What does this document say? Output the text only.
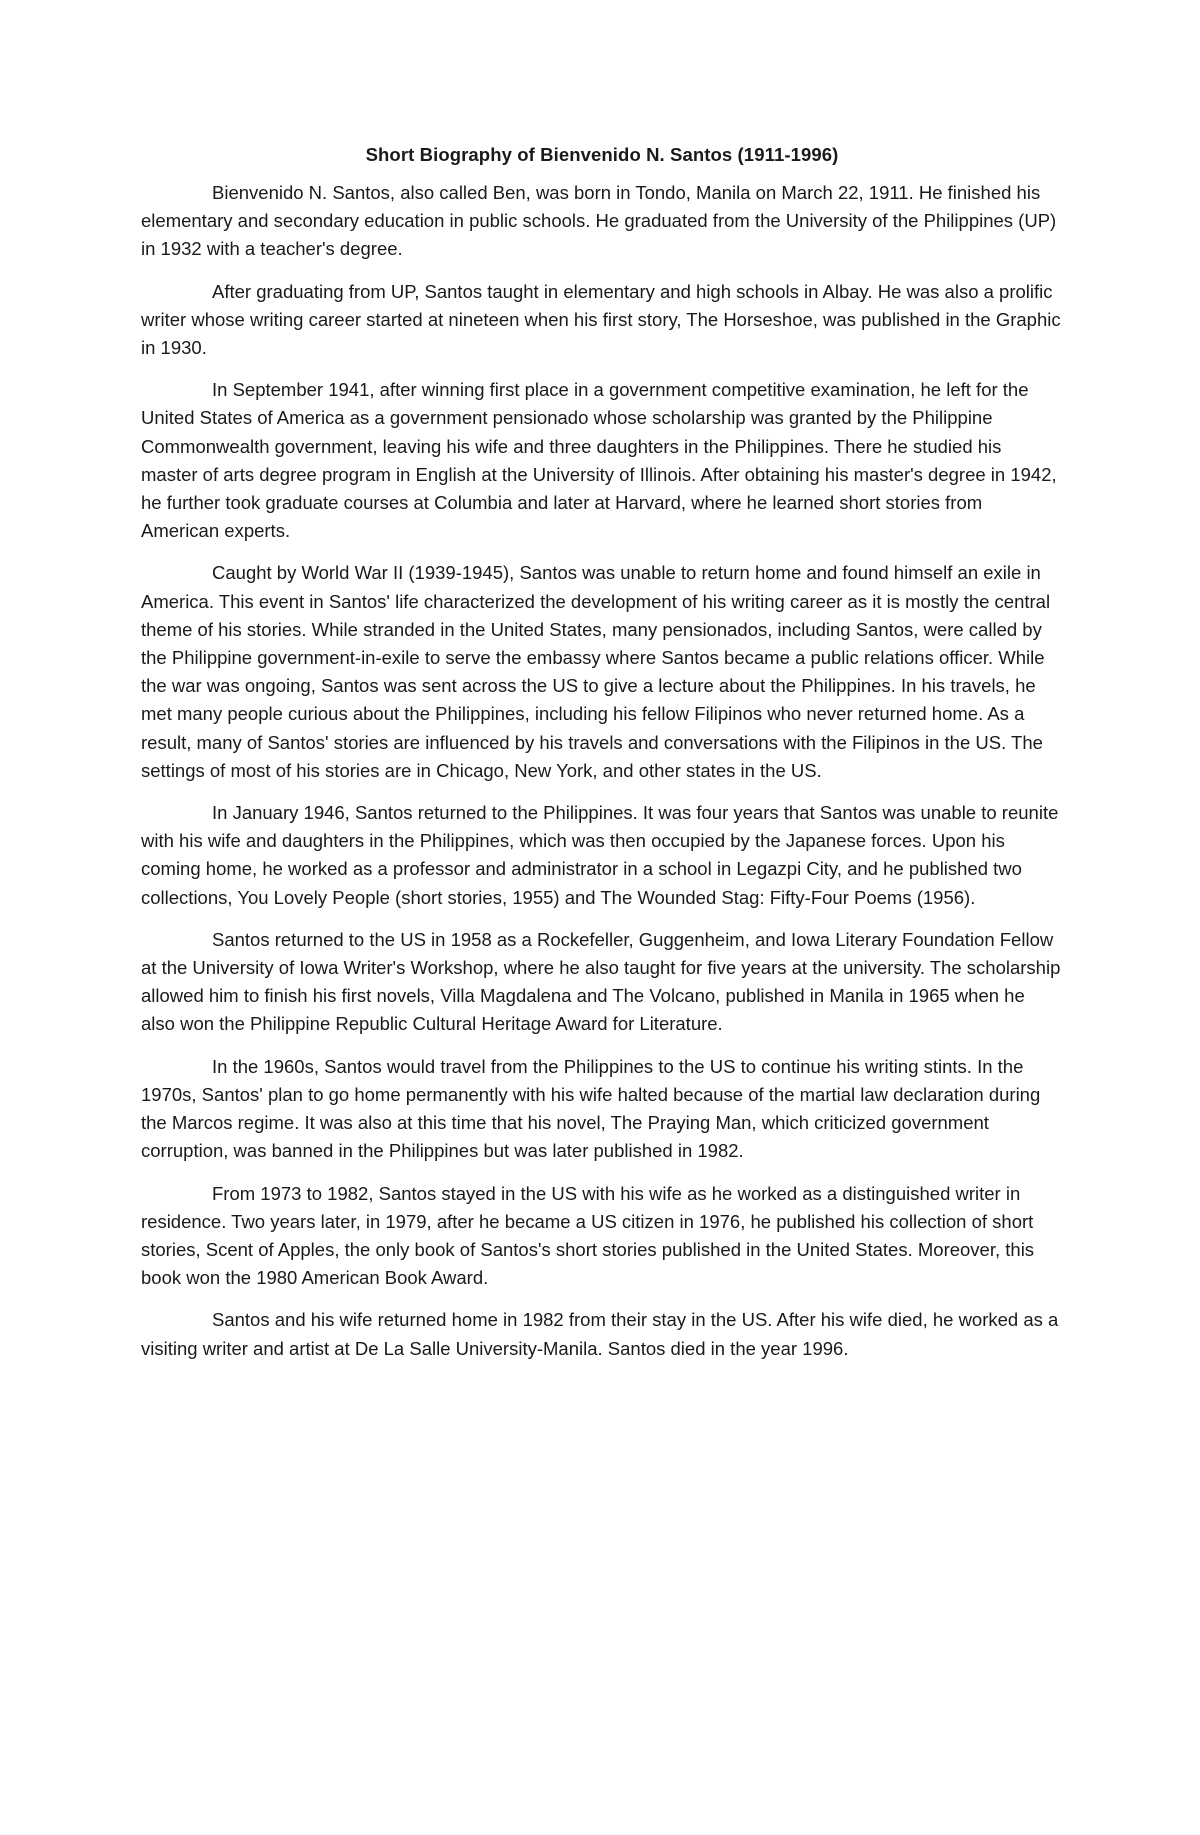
Short Biography of Bienvenido N. Santos (1911-1996)

Bienvenido N. Santos, also called Ben, was born in Tondo, Manila on March 22, 1911. He finished his elementary and secondary education in public schools. He graduated from the University of the Philippines (UP) in 1932 with a teacher's degree.

After graduating from UP, Santos taught in elementary and high schools in Albay. He was also a prolific writer whose writing career started at nineteen when his first story, The Horseshoe, was published in the Graphic in 1930.

In September 1941, after winning first place in a government competitive examination, he left for the United States of America as a government pensionado whose scholarship was granted by the Philippine Commonwealth government, leaving his wife and three daughters in the Philippines. There he studied his master of arts degree program in English at the University of Illinois. After obtaining his master's degree in 1942, he further took graduate courses at Columbia and later at Harvard, where he learned short stories from American experts.

Caught by World War II (1939-1945), Santos was unable to return home and found himself an exile in America. This event in Santos' life characterized the development of his writing career as it is mostly the central theme of his stories. While stranded in the United States, many pensionados, including Santos, were called by the Philippine government-in-exile to serve the embassy where Santos became a public relations officer. While the war was ongoing, Santos was sent across the US to give a lecture about the Philippines. In his travels, he met many people curious about the Philippines, including his fellow Filipinos who never returned home. As a result, many of Santos' stories are influenced by his travels and conversations with the Filipinos in the US. The settings of most of his stories are in Chicago, New York, and other states in the US.

In January 1946, Santos returned to the Philippines. It was four years that Santos was unable to reunite with his wife and daughters in the Philippines, which was then occupied by the Japanese forces. Upon his coming home, he worked as a professor and administrator in a school in Legazpi City, and he published two collections, You Lovely People (short stories, 1955) and The Wounded Stag: Fifty-Four Poems (1956).

Santos returned to the US in 1958 as a Rockefeller, Guggenheim, and Iowa Literary Foundation Fellow at the University of Iowa Writer's Workshop, where he also taught for five years at the university. The scholarship allowed him to finish his first novels, Villa Magdalena and The Volcano, published in Manila in 1965 when he also won the Philippine Republic Cultural Heritage Award for Literature.

In the 1960s, Santos would travel from the Philippines to the US to continue his writing stints. In the 1970s, Santos' plan to go home permanently with his wife halted because of the martial law declaration during the Marcos regime. It was also at this time that his novel, The Praying Man, which criticized government corruption, was banned in the Philippines but was later published in 1982.

From 1973 to 1982, Santos stayed in the US with his wife as he worked as a distinguished writer in residence. Two years later, in 1979, after he became a US citizen in 1976, he published his collection of short stories, Scent of Apples, the only book of Santos's short stories published in the United States. Moreover, this book won the 1980 American Book Award.

Santos and his wife returned home in 1982 from their stay in the US. After his wife died, he worked as a visiting writer and artist at De La Salle University-Manila. Santos died in the year 1996.
